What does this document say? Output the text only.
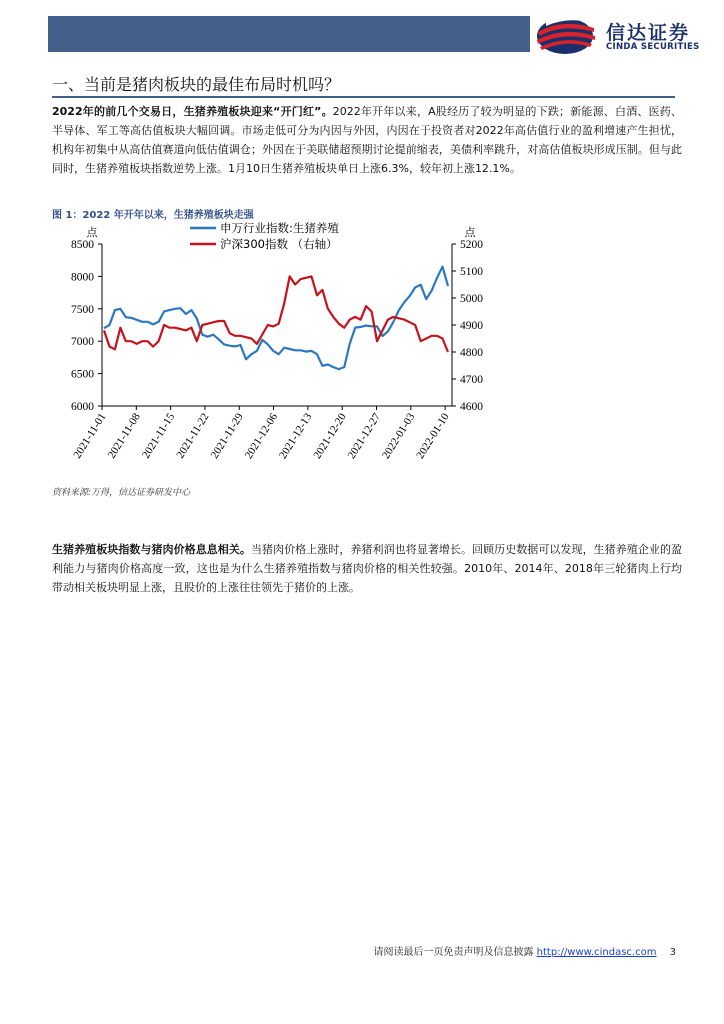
信达证券
CINDA SECURITIES
一、当前是猪肉板块的最佳布局时机吗？
2022年的前几个交易日，生猪养殖板块迎来“开门红”。2022年开年以来，A股经历了较为明显的下跌；新能源、白酒、医药、半导体、军工等高估值板块大幅回调。市场走低可分为内因与外因，内因在于投资者对2022年高估值行业的盈利增速产生担忧，机构年初集中从高估值赛道向低估值调仓；外因在于美联储超预期讨论提前缩表，美债利率跳升，对高估值板块形成压制。但与此同时，生猪养殖板块指数逆势上涨。1月10日生猪养殖板块单日上涨6.3%，较年初上涨12.1%。
图 1：2022 年开年以来，生猪养殖板块走强
点	点
8500
8000
7500
7000
6500
6000
5200
5100
5000
4900
4800
4700
4600
2021-11-01
2021-11-08
2021-11-15
2021-11-22
2021-11-29
2021-12-06
2021-12-13
2021-12-20
2021-12-27
2022-01-03
2022-01-10
申万行业指数:生猪养殖
沪深300指数 （右轴）
资料来源:万得，信达证券研发中心
生猪养殖板块指数与猪肉价格息息相关。当猪肉价格上涨时，养猪利润也将显著增长。回顾历史数据可以发现，生猪养殖企业的盈利能力与猪肉价格高度一致，这也是为什么生猪养殖指数与猪肉价格的相关性较强。2010年、2014年、2018年三轮猪肉上行均带动相关板块明显上涨，且股价的上涨往往领先于猪价的上涨。
请阅读最后一页免责声明及信息披露 http://www.cindasc.com 3
